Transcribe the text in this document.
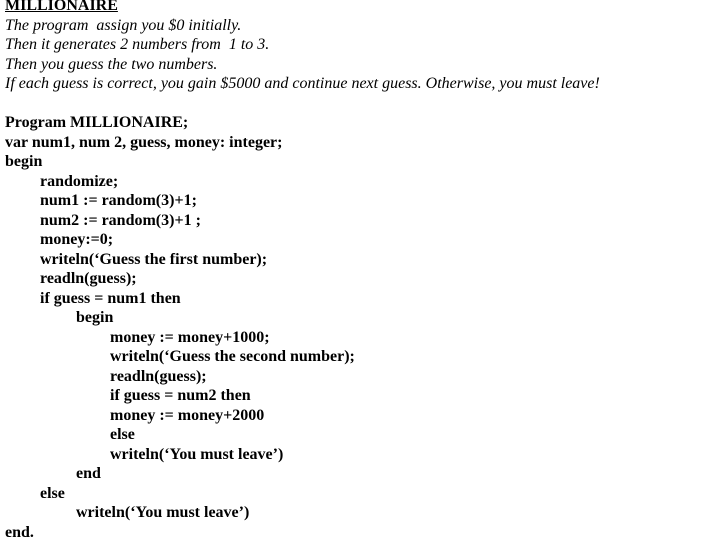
MILLIONAIRE
The program  assign you $0 initially.
Then it generates 2 numbers from  1 to 3.
Then you guess the two numbers.
If each guess is correct, you gain $5000 and continue next guess. Otherwise, you must leave!
Program MILLIONAIRE;
var num1, num 2, guess, money: integer;
begin
randomize;
num1 := random(3)+1;
num2 := random(3)+1 ;
money:=0;
writeln(‘Guess the first number);
readln(guess);
if guess = num1 then
begin
money := money+1000;
writeln(‘Guess the second number);
readln(guess);
if guess = num2 then
money := money+2000
else
writeln(‘You must leave’)
end
else
writeln(‘You must leave’)
end.
